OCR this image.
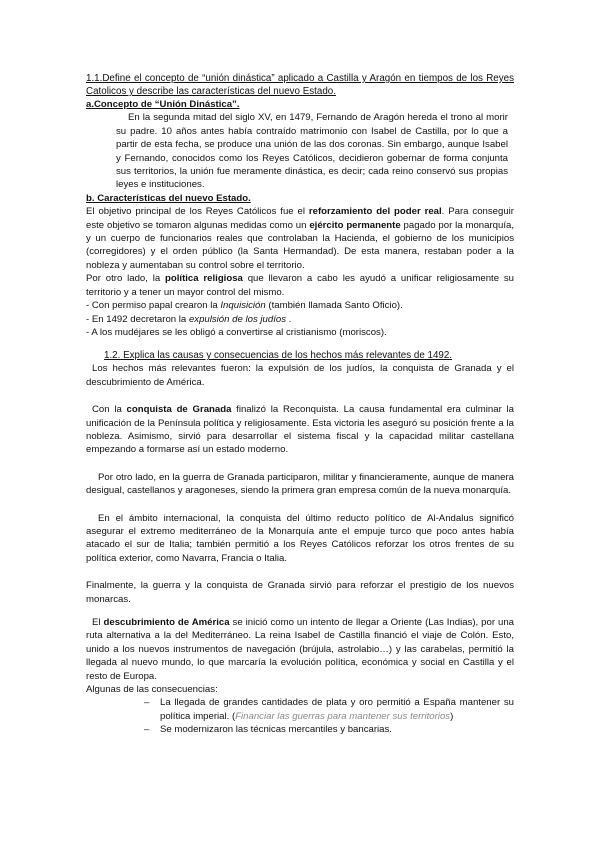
1.1.Define el concepto de “unión dinástica” aplicado a Castilla y Aragón en tiempos de los Reyes Catolicos y describe las características del nuevo Estado.

a.Concepto de “Unión Dinástica”.

En la segunda mitad del siglo XV, en 1479, Fernando de Aragón hereda el trono al morir su padre. 10 años antes había contraído matrimonio con Isabel de Castilla, por lo que a partir de esta fecha, se produce una unión de las dos coronas. Sin embargo, aunque Isabel y Fernando, conocidos como los Reyes Católicos, decidieron gobernar de forma conjunta sus territorios, la unión fue meramente dinástica, es decir; cada reino conservó sus propias leyes e instituciones.

b. Características del nuevo Estado.

El objetivo principal de los Reyes Católicos fue el reforzamiento del poder real. Para conseguir este objetivo se tomaron algunas medidas como un ejército permanente pagado por la monarquía, y un cuerpo de funcionarios reales que controlaban la Hacienda, el gobierno de los municipios (corregidores) y el orden público (la Santa Hermandad). De esta manera, restaban poder a la nobleza y aumentaban su control sobre el territorio.

Por otro lado, la política religiosa que llevaron a cabo les ayudó a unificar religiosamente su territorio y a tener un mayor control del mismo.

- Con permiso papal crearon la Inquisición (también llamada Santo Oficio).

- En 1492 decretaron la expulsión de los judíos .

- A los mudéjares se les obligó a convertirse al cristianismo (moriscos).

1.2. Explica las causas y consecuencias de los hechos más relevantes de 1492.

Los hechos más relevantes fueron: la expulsión de los judíos, la conquista de Granada y el descubrimiento de América.

Con la conquista de Granada finalizó la Reconquista. La causa fundamental era culminar la unificación de la Península política y religiosamente. Esta victoria les aseguró su posición frente a la nobleza. Asimismo, sirvió para desarrollar el sistema fiscal y la capacidad militar castellana empezando a formarse así un estado moderno.

Por otro lado, en la guerra de Granada participaron, militar y financieramente, aunque de manera desigual, castellanos y aragoneses, siendo la primera gran empresa común de la nueva monarquía.

En el ámbito internacional, la conquista del último reducto político de Al-Andalus significó asegurar el extremo mediterráneo de la Monarquía ante el empuje turco que poco antes había atacado el sur de Italia; también permitió a los Reyes Católicos reforzar los otros frentes de su política exterior, como Navarra, Francia o Italia.

Finalmente, la guerra y la conquista de Granada sirvió para reforzar el prestigio de los nuevos monarcas.

El descubrimiento de América se inició como un intento de llegar a Oriente (Las Indias), por una ruta alternativa a la del Mediterráneo. La reina Isabel de Castilla financió el viaje de Colón. Esto, unido a los nuevos instrumentos de navegación (brújula, astrolabio…) y las carabelas, permitió la llegada al nuevo mundo, lo que marcaría la evolución política, económica y social en Castilla y el resto de Europa.

Algunas de las consecuencias:

–	La llegada de grandes cantidades de plata y oro permitió a España mantener su política imperial. (Financiar las guerras para mantener sus territorios)
–	Se modernizaron las técnicas mercantiles y bancarias.
